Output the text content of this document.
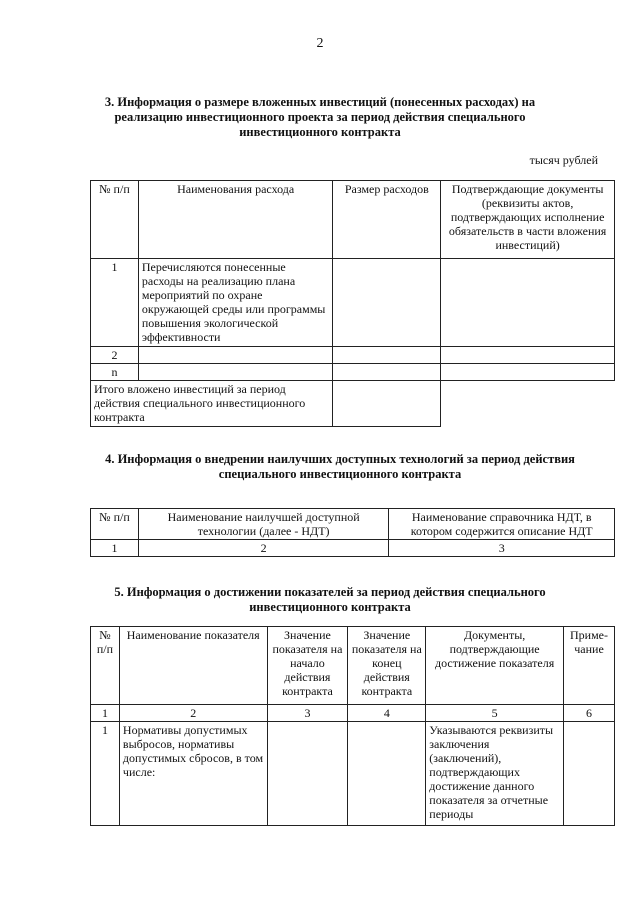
2
3. Информация о размере вложенных инвестиций (понесенных расходах) на
реализацию инвестиционного проекта за период действия специального
инвестиционного контракта
тысяч рублей
№ п/п	Наименования расхода	Размер расходов	Подтверждающие документы (реквизиты актов, подтверждающих исполнение обязательств в части вложения инвестиций)
1	Перечисляются понесенные расходы на реализацию плана мероприятий по охране окружающей среды или программы повышения экологической эффективности		
2			
n			
Итого вложено инвестиций за период действия специального инвестиционного контракта			
4. Информация о внедрении наилучших доступных технологий за период действия
специального инвестиционного контракта
№ п/п	Наименование наилучшей доступной технологии (далее - НДТ)	Наименование справочника НДТ, в котором содержится описание НДТ
1	2	3
5. Информация о достижении показателей за период действия специального
инвестиционного контракта
№ п/п	Наименование показателя	Значение показателя на начало действия контракта	Значение показателя на конец действия контракта	Документы, подтверждающие достижение показателя	Приме-чание
1	2	3	4	5	6
1	Нормативы допустимых выбросов, нормативы допустимых сбросов, в том числе:			Указываются реквизиты заключения (заключений), подтверждающих достижение данного показателя за отчетные периоды	
